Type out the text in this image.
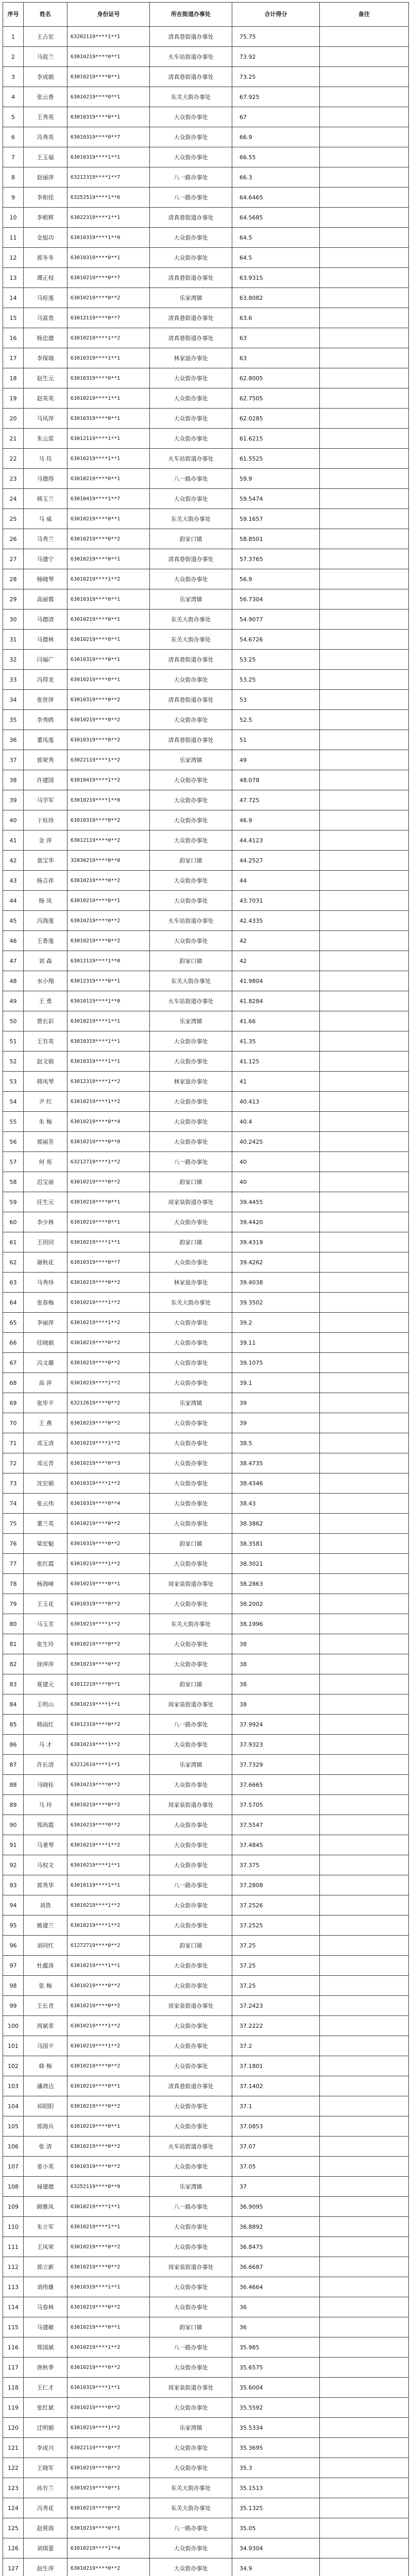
序号	姓名	身份证号	所在街道办事处	合计得分	备注
1	王占宏	63202119****1**1	清真巷街道办事处	75.75	
2	马庭兰	63010219****0**1	火车站街道办事处	73.92	
3	李成娟	63010219****0**1	清真巷街道办事处	73.25	
4	张云香	63010219****0**1	东关大街办事处	67.925	
5	王秀英	63010319****0**1	大众街办事处	67	
6	冯秀英	63010319****0**7	大众街办事处	66.9	
7	王玉福	63010319****1**1	大众街办事处	66.55	
8	赵丽萍	63212319****1**7	八一路办事处	66.3	
9	李和佳	63252519****1**6	八一路办事处	64.6465	
10	李根辉	63022319****1**1	清真巷街道办事处	64.5685	
11	金旭功	63010319****1**0	大众街办事处	64.5	
12	郭冬冬	63010319****0**1	大众街办事处	64.5	
13	谭正权	63010219****0**7	清真巷街道办事处	63.9315	
14	马桂莲	63010219****0**2	乐家湾镇	63.8082	
15	马富贵	63012119****0**7	清真巷街道办事处	63.6	
16	杨忠德	63010219****1**2	清真巷街道办事处	63	
17	李保瑞	63010319****1**1	林家崖办事处	63	
18	赵生元	63010319****0**1	大众街办事处	62.8005	
19	赵英英	63010219****1**1	大众街办事处	62.7505	
20	马凤萍	63010319****0**1	大众街办事处	62.0285	
21	朱云雷	63012119****1**1	大众街办事处	61.6215	
22	马 珏	63010219****1**1	火车站街道办事处	61.5525	
23	马德得	63010219****0**1	八一路办事处	59.9	
24	韩玉兰	63010419****1**7	大众街办事处	59.5474	
25	马 威	63010219****0**1	东关大街办事处	59.1657	
26	马秀兰	63010219****0**2	韵家口镇	58.8501	
27	马建宁	63010219****0**1	清真巷街道办事处	57.3765	
28	杨晓琴	63010219****1**2	大众街办事处	56.9	
29	高丽蓉	63010319****0**1	乐家湾镇	56.7304	
30	马德清	63010219****0**1	东关大街办事处	54.9077	
31	马德林	63010219****0**1	东关大街办事处	54.6726	
32	闫福广	63010319****0**1	清真巷街道办事处	53.25	
33	冯得龙	63010219****0**1	大众街办事处	53.25	
34	张世萍	63010319****0**2	清真巷街道办事处	53	
35	李秀鸥	63010219****0**2	大众街办事处	52.5	
36	董凤莲	63010319****0**2	清真巷街道办事处	51	
37	郭荣秀	63022119****1**2	乐家湾镇	49	
38	许建国	63010419****1**2	大众街办事处	48.078	
39	马学军	63010219****1**0	大众街办事处	47.725	
40	于桂珍	63010319****0**2	大众街办事处	46.9	
41	金 萍	63012119****0**2	大众街办事处	44.4123	
42	袁宝华	32030219****0**8	韵家口镇	44.2527	
43	杨吉祥	63010219****0**2	大众街办事处	44	
44	杨 凤	63010219****0**1	大众街办事处	43.7031	
45	冯海莲	63010219****0**2	火车站街道办事处	42.4335	
46	王香莲	63010219****0**2	大众街办事处	42	
47	刘 森	63012119****1**0	韵家口镇	42	
48	水小翔	63012319****0**1	东关大街办事处	41.9804	
49	王 勇	63010119****1**0	火车站街道办事处	41.8284	
50	贾长彩	63010219****1**1	乐家湾镇	41.66	
51	王有英	63010319****1**1	大众街办事处	41.35	
52	赵文娟	63010319****1**1	大众街办事处	41.125	
53	韩凤琴	63012319****1**2	林家崖办事处	41	
54	尹 红	63010219****1**2	大众街办事处	40.413	
55	朱 梅	63010219****0**4	大众街办事处	40.4	
56	郭丽芳	63010219****0**0	大众街办事处	40.2425	
57	何 苑	63212719****1**2	八一路办事处	40	
58	迟宝丽	63010219****0**2	韵家口镇	40	
59	任生元	63010219****0**1	周家泉街道办事处	39.4455	
60	李少林	63010219****0**1	大众街办事处	39.4420	
61	王玥同	63010219****1**1	韵家口镇	39.4319	
62	谢秋花	63010319****0**7	大众街办事处	39.4262	
63	马秀珍	63010219****0**2	林家崖办事处	39.4038	
64	张春梅	63010219****1**2	东关大街办事处	39.3502	
65	李丽萍	63010219****1**2	大众街办事处	39.2	
66	任晓娟	63010219****0**2	大众街办事处	39.11	
67	冯文璐	63010219****0**2	大众街办事处	39.1075	
68	高 萍	63010219****1**2	大众街办事处	39.1	
69	张毕平	63212619****0**2	乐家湾镇	39	
70	王 燕	63010219****0**2	大众街办事处	39	
71	邓玉清	63010219****1**2	大众街办事处	38.5	
72	邓元青	63010219****0**3	大众街办事处	38.4735	
73	沈宏娟	63010319****1**2	大众街办事处	38.4346	
74	张云伟	63010319****0**4	大众街办事处	38.43	
75	董兰英	63010219****0**2	大众街办事处	38.3862	
76	梁宏魁	63010319****0**2	韵家口镇	38.3581	
77	张红霞	63010219****1**2	大众街办事处	38.3021	
78	杨海峰	63010219****0**1	周家泉街道办事处	38.2863	
79	王玉花	63010319****0**2	大众街办事处	38.2002	
80	马玉芳	63010219****1**2	东关大街办事处	38.1996	
81	张生玲	63010219****0**2	大众街办事处	38	
82	徐萍萍	63010219****0**2	大众街办事处	38	
83	夏建元	63012219****0**1	韵家口镇	38	
84	王明山	63010219****1**1	周家泉街道办事处	38	
85	韩雨红	63012319****0**2	八一路办事处	37.9924	
86	马 才	63010219****1**2	大众街办事处	37.9323	
87	许长清	63212619****1**1	乐家湾镇	37.7329	
88	马晓桂	63010219****0**2	大众街办事处	37.6665	
89	马 玲	63010219****0**2	周家泉街道办事处	37.5705	
90	郑尚霞	63010219****0**2	大众街办事处	37.5547	
91	马秉琴	63010219****1**2	大众街办事处	37.4845	
92	马权文	63010219****1**1	大众街办事处	37.375	
93	郭秀华	63010119****1**1	八一路办事处	37.2808	
94	刘贵	63010219****1**2	大众街办事处	37.2526	
95	姚建兰	63010219****1**2	大众街办事处	37.2525	
96	刘同红	61272719****0**2	韵家口镇	37.25	
97	杜蕴涛	63010219****1**1	大众街办事处	37.25	
98	张 梅	63010219****0**2	大众街办事处	37.25	
99	王长青	63010219****0**2	周家泉街道办事处	37.2423	
100	周斌菲	63010219****1**2	大众街办事处	37.2222	
101	马国平	63010219****1**2	大众街办事处	37.2	
102	韩 梅	63010219****0**2	大众街办事处	37.1801	
103	潘鸿达	63010219****0**1	清真巷街道办事处	37.1402	
104	祁昭阳	63010219****0**2	大众街办事处	37.1	
105	郭海兵	63010219****0**1	大众街办事处	37.0853	
106	张 清	63010219****0**2	火车站街道办事处	37.07	
107	姜小英	63010319****0**2	大众街办事处	37.05	
108	禄建德	63252119****0**9	乐家湾镇	37	
109	顾雅凤	63010219****1**1	八一路办事处	36.9095	
110	朱立军	63010219****1**1	大众街办事处	36.8892	
111	王凤荣	63010219****0**2	大众街办事处	36.8475	
112	郭立新	63010219****0**2	周家泉街道办事处	36.6687	
113	刘伟雄	63010319****1**1	大众街办事处	36.4664	
114	马春林	63010219****0**2	大众街办事处	36	
115	马建敏	63010219****0**1	韵家口镇	36	
116	郑国斌	63010219****1**2	八一路办事处	35.985	
117	唐秋季	63010219****0**2	大众街办事处	35.6575	
118	王仁才	63010319****1**1	周家泉街道办事处	35.6004	
119	张红斌	63010219****0**2	大众街办事处	35.5592	
120	迁明娟	63010219****1**2	乐家湾镇	35.5334	
121	李成兴	63022119****0**7	大众街办事处	35.3695	
122	王晓军	63010219****0**2	大众街办事处	35.3	
123	孙有兰	63010219****0**1	东关大街办事处	35.1513	
124	冯秀花	63010219****0**2	东关大街办事处	35.1325	
125	赵常海	63010219****0**1	八一路办事处	35.05	
126	刘琪蕾	63010219****1**4	大众街办事处	34.9304	
127	赵生萍	63010219****0**2	大众街办事处	34.9	
